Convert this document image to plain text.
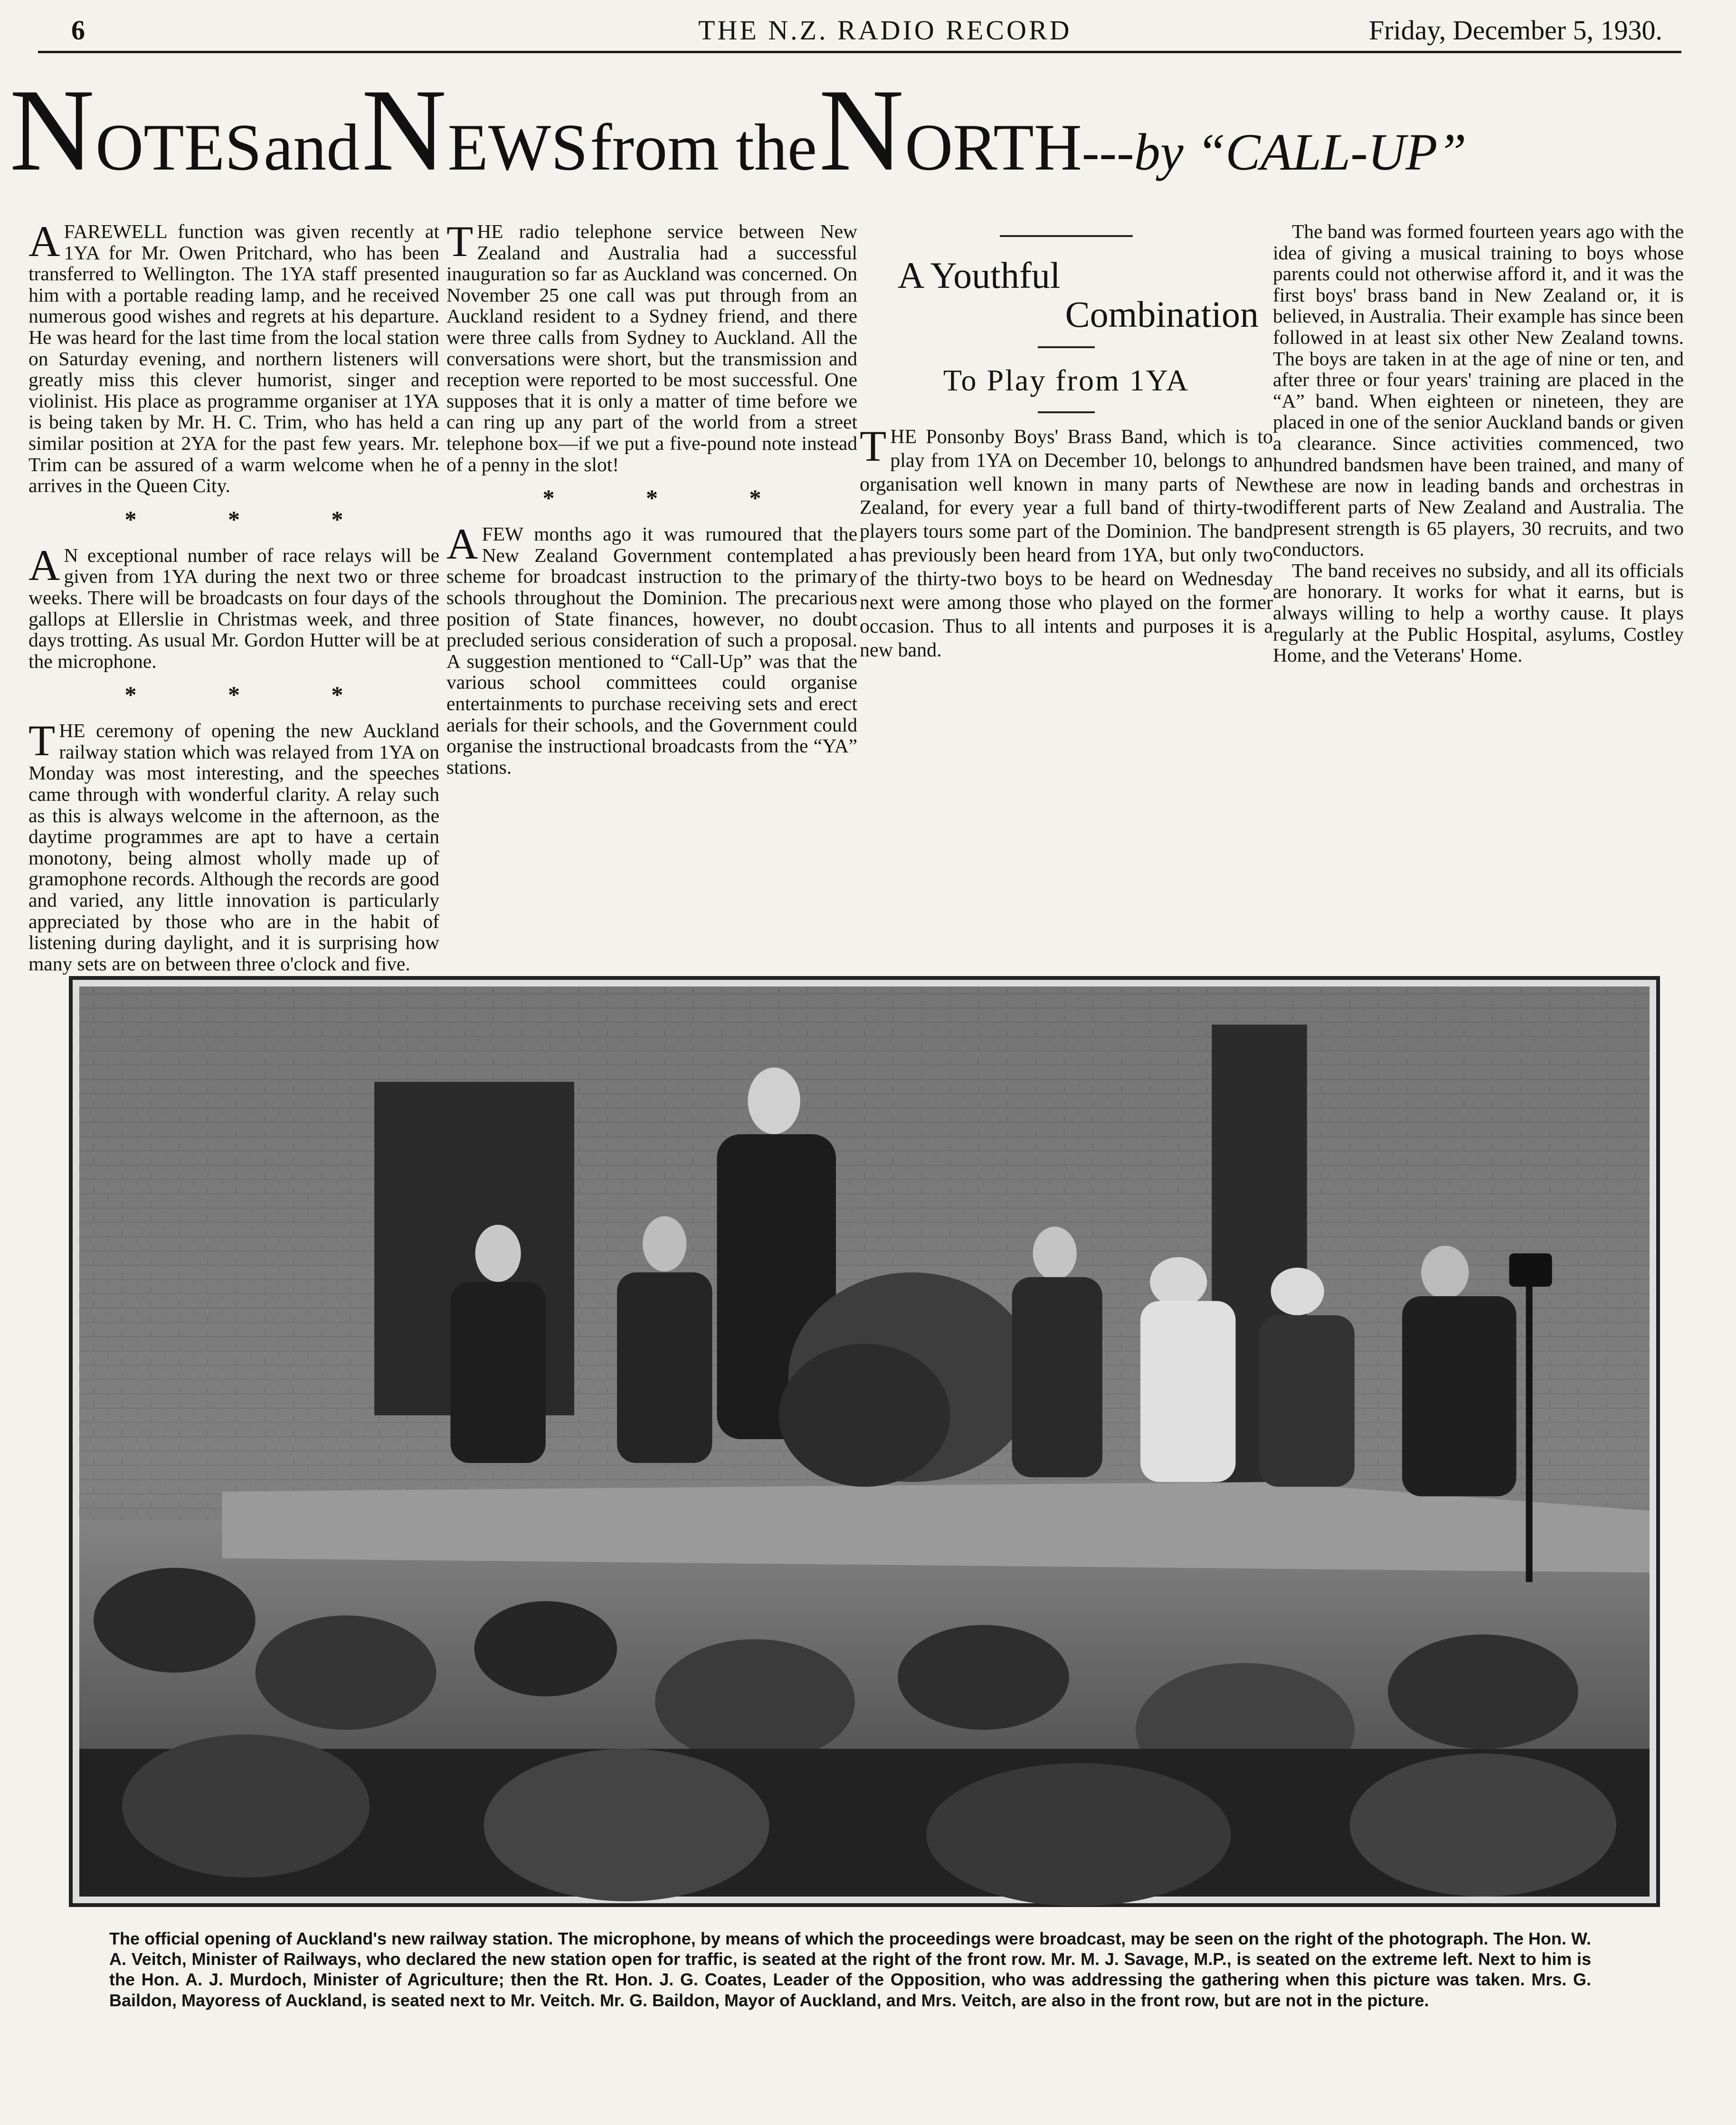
6	THE N.Z. RADIO RECORD	Friday, December 5, 1930.
NOTES and NEWS from the NORTH---by “CALL-UP”

AFAREWELL function was given recently at 1YA for Mr. Owen Pritchard, who has been transferred to Wellington. The 1YA staff presented him with a portable reading lamp, and he received numerous good wishes and regrets at his departure. He was heard for the last time from the local station on Saturday evening, and northern listeners will greatly miss this clever humorist, singer and violinist. His place as programme organiser at 1YA is being taken by Mr. H. C. Trim, who has held a similar position at 2YA for the past few years. Mr. Trim can be assured of a warm welcome when he arrives in the Queen City.

* * *

A N exceptional number of race relays will be given from 1YA during the next two or three weeks. There will be broadcasts on four days of the gallops at Ellerslie in Christmas week, and three days trotting. As usual Mr. Gordon Hutter will be at the microphone.

* * *

THE ceremony of opening the new Auckland railway station which was relayed from 1YA on Monday was most interesting, and the speeches came through with wonderful clarity. A relay such as this is always welcome in the afternoon, as the daytime programmes are apt to have a certain monotony, being almost wholly made up of gramophone records. Although the records are good and varied, any little innovation is particularly appreciated by those who are in the habit of listening during daylight, and it is surprising how many sets are on between three o'clock and five.

THE radio telephone service between New Zealand and Australia had a successful inauguration so far as Auckland was concerned. On November 25 one call was put through from an Auckland resident to a Sydney friend, and there were three calls from Sydney to Auckland. All the conversations were short, but the transmission and reception were reported to be most successful. One supposes that it is only a matter of time before we can ring up any part of the world from a street telephone box—if we put a five-pound note instead of a penny in the slot!

* * *

AFEW months ago it was rumoured that the New Zealand Government contemplated a scheme for broadcast instruction to the primary schools throughout the Dominion. The precarious position of State finances, however, no doubt precluded serious consideration of such a proposal. A suggestion mentioned to “Call-Up” was that the various school committees could organise entertainments to purchase receiving sets and erect aerials for their schools, and the Government could organise the instructional broadcasts from the “YA” stations.

A Youthful
Combination
To Play from 1YA

THE Ponsonby Boys' Brass Band, which is to play from 1YA on December 10, belongs to an organisation well known in many parts of New Zealand, for every year a full band of thirty-two players tours some part of the Dominion. The band has previously been heard from 1YA, but only two of the thirty-two boys to be heard on Wednesday next were among those who played on the former occasion. Thus to all intents and purposes it is a new band.

The band was formed fourteen years ago with the idea of giving a musical training to boys whose parents could not otherwise afford it, and it was the first boys' brass band in New Zealand or, it is believed, in Australia. Their example has since been followed in at least six other New Zealand towns. The boys are taken in at the age of nine or ten, and after three or four years' training are placed in the “A” band. When eighteen or nineteen, they are placed in one of the senior Auckland bands or given a clearance. Since activities commenced, two hundred bandsmen have been trained, and many of these are now in leading bands and orchestras in different parts of New Zealand and Australia. The present strength is 65 players, 30 recruits, and two conductors.

The band receives no subsidy, and all its officials are honorary. It works for what it earns, but is always willing to help a worthy cause. It plays regularly at the Public Hospital, asylums, Costley Home, and the Veterans' Home.

The official opening of Auckland's new railway station. The microphone, by means of which the proceedings were broadcast, may be seen on the right of the photograph. The Hon. W. A. Veitch, Minister of Railways, who declared the new station open for traffic, is seated at the right of the front row. Mr. M. J. Savage, M.P., is seated on the extreme left. Next to him is the Hon. A. J. Murdoch, Minister of Agriculture; then the Rt. Hon. J. G. Coates, Leader of the Opposition, who was addressing the gathering when this picture was taken. Mrs. G. Baildon, Mayoress of Auckland, is seated next to Mr. Veitch. Mr. G. Baildon, Mayor of Auckland, and Mrs. Veitch, are also in the front row, but are not in the picture.
